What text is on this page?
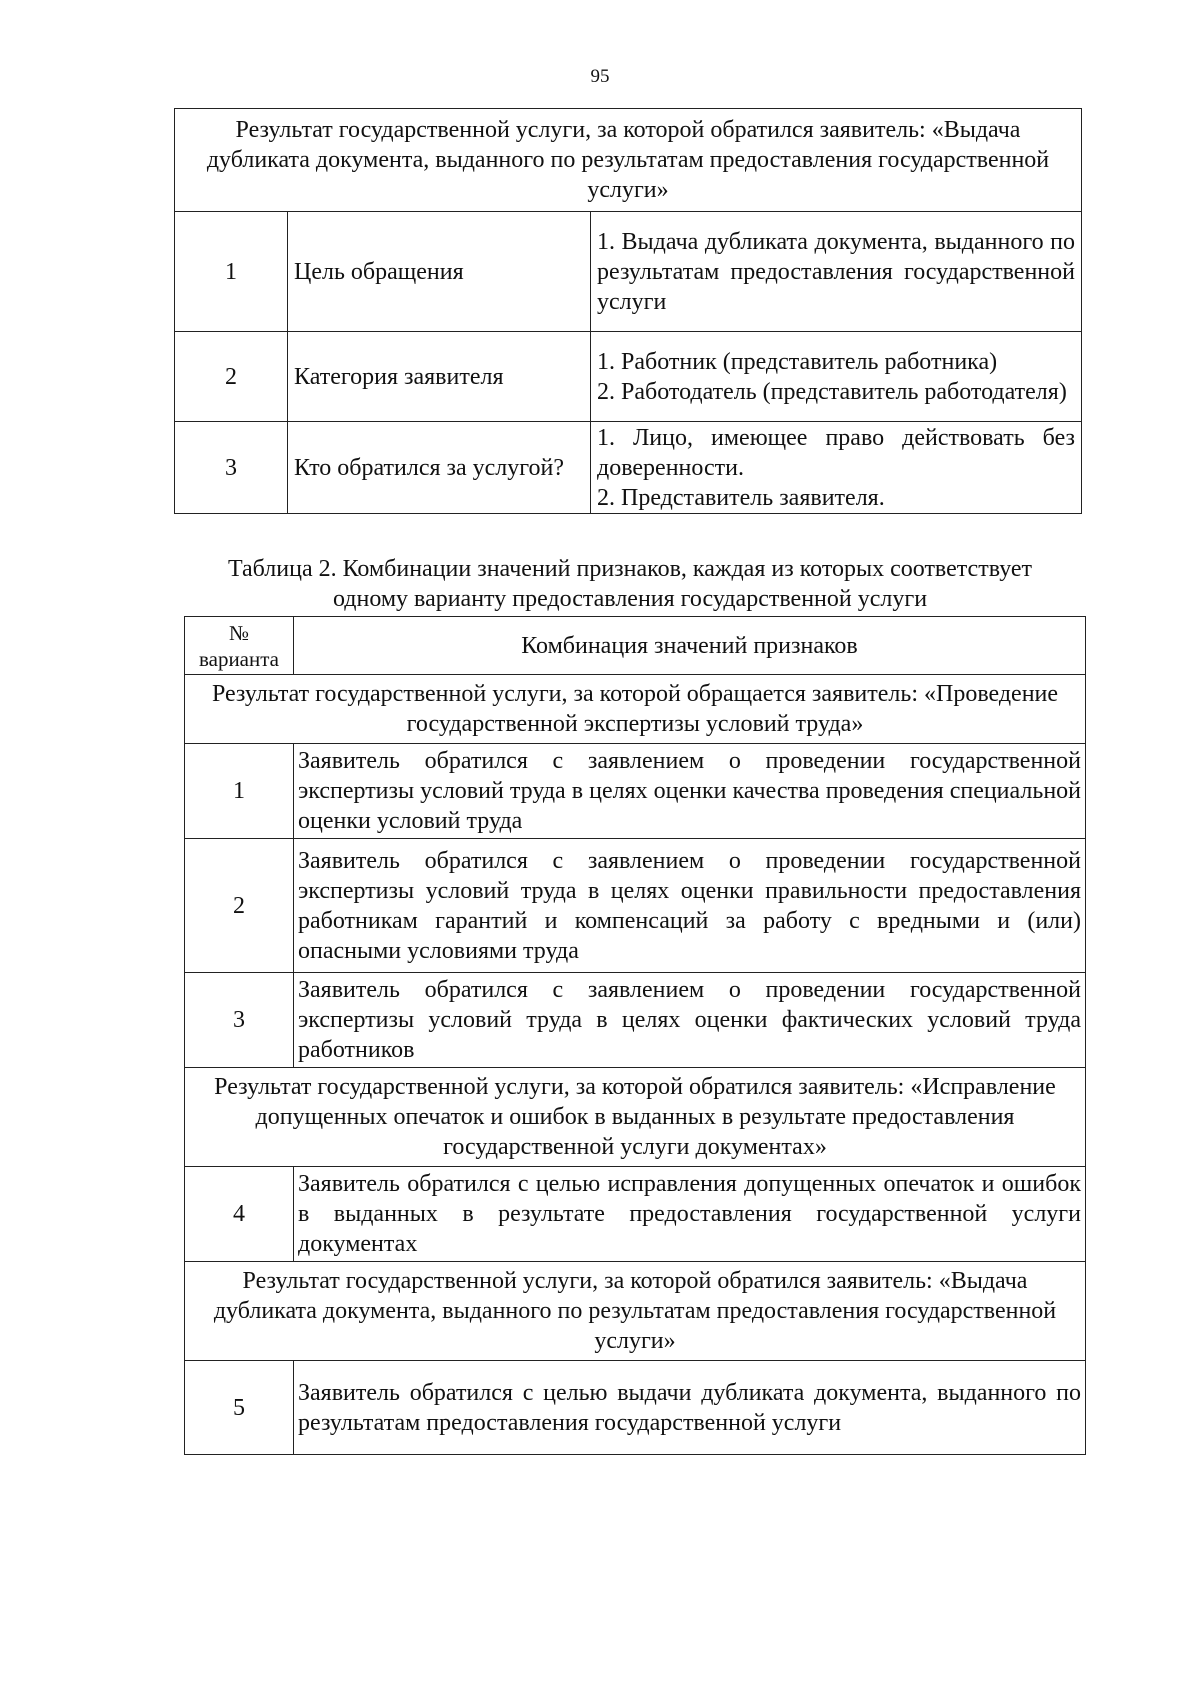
95
Результат государственной услуги, за которой обратился заявитель: «Выдача дубликата документа, выданного по результатам предоставления государственной услуги»		
1	Цель обращения	1. Выдача дубликата документа, выданного по результатам предоставления государственной услуги
2	Категория заявителя	1. Работник (представитель работника)
2. Работодатель (представитель работодателя)

3	Кто обратился за услугой?	1. Лицо, имеющее право действовать без доверенности.
2. Представитель заявителя.
Таблица 2. Комбинации значений признаков, каждая из которых соответствует одному варианту предоставления государственной услуги
№ варианта	Комбинация значений признаков
Результат государственной услуги, за которой обращается заявитель: «Проведение государственной экспертизы условий труда»	
1	Заявитель обратился с заявлением о проведении государственной экспертизы условий труда в целях оценки качества проведения специальной оценки условий труда
2	Заявитель обратился с заявлением о проведении государственной экспертизы условий труда в целях оценки правильности предоставления работникам гарантий и компенсаций за работу с вредными и (или) опасными условиями труда
3	Заявитель обратился с заявлением о проведении государственной экспертизы условий труда в целях оценки фактических условий труда работников
Результат государственной услуги, за которой обратился заявитель: «Исправление допущенных опечаток и ошибок в выданных в результате предоставления государственной услуги документах»	
4	Заявитель обратился с целью исправления допущенных опечаток и ошибок в выданных в результате предоставления государственной услуги документах
Результат государственной услуги, за которой обратился заявитель: «Выдача дубликата документа, выданного по результатам предоставления государственной услуги»	
5	Заявитель обратился с целью выдачи дубликата документа, выданного по результатам предоставления государственной услуги
